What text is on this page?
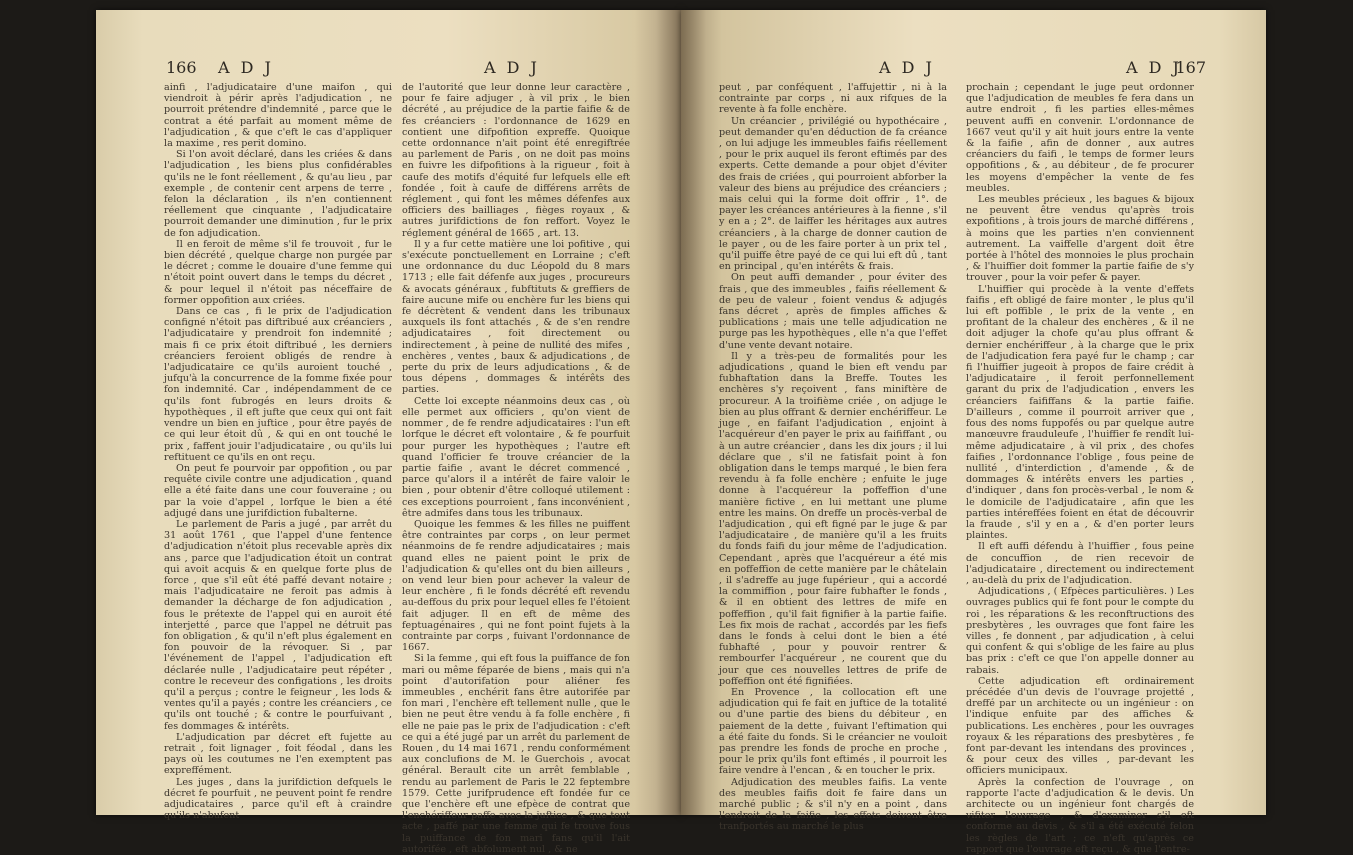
166 A D J	A D J

ainfi , l'adjudicataire d'une maifon , qui viendroit à périr après l'adjudication , ne pourroit prétendre d'indemnité , parce que le contrat a été parfait au moment même de l'adjudication , & que c'eft le cas d'appliquer la maxime , res perit domino.

Si l'on avoit déclaré, dans les criées & dans l'adjudication , les biens plus confidérables qu'ils ne le font réellement , & qu'au lieu , par exemple , de contenir cent arpens de terre , felon la déclaration , ils n'en contiennent réellement que cinquante , l'adjudicataire pourroit demander une diminution , fur le prix de fon adjudication.

Il en feroit de même s'il fe trouvoit , fur le bien décrété , quelque charge non purgée par le décret ; comme le douaire d'une femme qui n'étoit point ouvert dans le temps du décret , & pour lequel il n'étoit pas néceffaire de former oppofition aux criées.

Dans ce cas , fi le prix de l'adjudication configné n'étoit pas diftribué aux créanciers , l'adjudicataire y prendroit fon indemnité ; mais fi ce prix étoit diftribué , les derniers créanciers feroient obligés de rendre à l'adjudicataire ce qu'ils auroient touché , jufqu'à la concurrence de la fomme fixée pour fon indemnité. Car , indépendamment de ce qu'ils font fubrogés en leurs droits & hypothèques , il eft jufte que ceux qui ont fait vendre un bien en juftice , pour être payés de ce qui leur étoit dû , & qui en ont touché le prix , faffent jouir l'adjudicataire , ou qu'ils lui reftituent ce qu'ils en ont reçu.

On peut fe pourvoir par oppofition , ou par requête civile contre une adjudication , quand elle a été faite dans une cour fouveraine ; ou par la voie d'appel , lorfque le bien a été adjugé dans une jurifdiction fubalterne.

Le parlement de Paris a jugé , par arrêt du 31 août 1761 , que l'appel d'une fentence d'adjudication n'étoit plus recevable après dix ans , parce que l'adjudication étoit un contrat qui avoit acquis & en quelque forte plus de force , que s'il eût été paffé devant notaire ; mais l'adjudicataire ne feroit pas admis à demander la décharge de fon adjudication , fous le prétexte de l'appel qui en auroit été interjetté , parce que l'appel ne détruit pas fon obligation , & qu'il n'eft plus également en fon pouvoir de la révoquer. Si , par l'événement de l'appel , l'adjudication eft déclarée nulle , l'adjudicataire peut répéter , contre le receveur des configations , les droits qu'il a perçus ; contre le feigneur , les lods & ventes qu'il a payés ; contre les créanciers , ce qu'ils ont touché ; & contre le pourfuivant , fes dommages & intérêts.

L'adjudication par décret eft fujette au retrait , foit lignager , foit féodal , dans les pays où les coutumes ne l'en exemptent pas expreffément.

Les juges , dans la jurifdiction defquels le décret fe pourfuit , ne peuvent point fe rendre adjudicataires , parce qu'il eft à craindre qu'ils n'abufent

de l'autorité que leur donne leur caractère , pour fe faire adjuger , à vil prix , le bien décrété , au préjudice de la partie faifie & de fes créanciers : l'ordonnance de 1629 en contient une difpofition expreffe. Quoique cette ordonnance n'ait point été enregiftrée au parlement de Paris , on ne doit pas moins en fuivre les difpofitions à la rigueur , foit à caufe des motifs d'équité fur lefquels elle eft fondée , foit à caufe de différens arrêts de réglement , qui font les mêmes défenfes aux officiers des bailliages , fièges royaux , & autres jurifdictions de fon reffort. Voyez le réglement général de 1665 , art. 13.

Il y a fur cette matière une loi pofitive , qui s'exécute ponctuellement en Lorraine ; c'eft une ordonnance du duc Léopold du 8 mars 1713 ; elle fait défenfe aux juges , procureurs & avocats généraux , fubftituts & greffiers de faire aucune mife ou enchère fur les biens qui fe décrètent & vendent dans les tribunaux auxquels ils font attachés , & de s'en rendre adjudicataires , foit directement ou indirectement , à peine de nullité des mifes , enchères , ventes , baux & adjudications , de perte du prix de leurs adjudications , & de tous dépens , dommages & intérêts des parties.

Cette loi excepte néanmoins deux cas , où elle permet aux officiers , qu'on vient de nommer , de fe rendre adjudicataires : l'un eft lorfque le décret eft volontaire , & fe pourfuit pour purger les hypothèques ; l'autre eft quand l'officier fe trouve créancier de la partie faifie , avant le décret commencé , parce qu'alors il a intérêt de faire valoir le bien , pour obtenir d'être colloqué utilement : ces exceptions pourroient , fans inconvénient , être admifes dans tous les tribunaux.

Quoique les femmes & les filles ne puiffent être contraintes par corps , on leur permet néanmoins de fe rendre adjudicataires ; mais quand elles ne paient point le prix de l'adjudication & qu'elles ont du bien ailleurs , on vend leur bien pour achever la valeur de leur enchère , fi le fonds décrété eft revendu au-deffous du prix pour lequel elles fe l'étoient fait adjuger. Il en eft de même des feptuagénaires , qui ne font point fujets à la contrainte par corps , fuivant l'ordonnance de 1667.

Si la femme , qui eft fous la puiffance de fon mari ou même féparée de biens , mais qui n'a point d'autorifation pour aliéner fes immeubles , enchérit fans être autorifée par fon mari , l'enchère eft tellement nulle , que le bien ne peut être vendu à fa folle enchère , fi elle ne paie pas le prix de l'adjudication : c'eft ce qui a été jugé par un arrêt du parlement de Rouen , du 14 mai 1671 , rendu conformément aux conclufions de M. le Guerchois , avocat général. Berault cite un arrêt femblable , rendu au parlement de Paris le 22 feptembre 1579. Cette jurifprudence eft fondée fur ce que l'enchère eft une efpèce de contrat que l'enchériffeur paffe avec la juftice , & que tout acte , paffé par une femme qui fe trouve fous la puiffance de fon mari fans qu'il l'ait autorifée , eft abfolument nul , & ne

A D J	A D J
167

peut , par conféquent , l'affujettir , ni à la contrainte par corps , ni aux rifques de la revente à fa folle enchère.

Un créancier , privilégié ou hypothécaire , peut demander qu'en déduction de fa créance , on lui adjuge les immeubles faifis réellement , pour le prix auquel ils feront eftimés par des experts. Cette demande a pour objet d'éviter des frais de criées , qui pourroient abforber la valeur des biens au préjudice des créanciers ; mais celui qui la forme doit offrir , 1°. de payer les créances antérieures à la fienne , s'il y en a ; 2°. de laiffer les héritages aux autres créanciers , à la charge de donner caution de le payer , ou de les faire porter à un prix tel , qu'il puiffe être payé de ce qui lui eft dû , tant en principal , qu'en intérêts & frais.

On peut auffi demander , pour éviter des frais , que des immeubles , faifis réellement & de peu de valeur , foient vendus & adjugés fans décret , après de fimples affiches & publications ; mais une telle adjudication ne purge pas les hypothèques , elle n'a que l'effet d'une vente devant notaire.

Il y a très-peu de formalités pour les adjudications , quand le bien eft vendu par fubhaftation dans la Breffe. Toutes les enchères s'y reçoivent , fans miniftère de procureur. A la troifième criée , on adjuge le bien au plus offrant & dernier enchériffeur. Le juge , en faifant l'adjudication , enjoint à l'acquéreur d'en payer le prix au faififfant , ou à un autre créancier , dans les dix jours ; il lui déclare que , s'il ne fatisfait point à fon obligation dans le temps marqué , le bien fera revendu à fa folle enchère ; enfuite le juge donne à l'acquéreur la poffeffion d'une manière fictive , en lui mettant une plume entre les mains. On dreffe un procès-verbal de l'adjudication , qui eft figné par le juge & par l'adjudicataire , de manière qu'il a les fruits du fonds faifi du jour même de l'adjudication. Cependant , après que l'acquéreur a été mis en poffeffion de cette manière par le châtelain , il s'adreffe au juge fupérieur , qui a accordé la commiffion , pour faire fubhafter le fonds , & il en obtient des lettres de mife en poffeffion , qu'il fait fignifier à la partie faifie. Les fix mois de rachat , accordés par les fiefs dans le fonds à celui dont le bien a été fubhafté , pour y pouvoir rentrer & rembourfer l'acquéreur , ne courent que du jour que ces nouvelles lettres de prife de poffeffion ont été fignifiées.

En Provence , la collocation eft une adjudication qui fe fait en juftice de la totalité ou d'une partie des biens du débiteur , en paiement de la dette , fuivant l'eftimation qui a été faite du fonds. Si le créancier ne vouloit pas prendre les fonds de proche en proche , pour le prix qu'ils font eftimés , il pourroit les faire vendre à l'encan , & en toucher le prix.

Adjudication des meubles faifis. La vente des meubles faifis doit fe faire dans un marché public ; & s'il n'y en a point , dans l'endroit de la faifie , les effets doivent être tranfportés au marché le plus

prochain ; cependant le juge peut ordonner que l'adjudication de meubles fe fera dans un autre endroit , fi les parties elles-mêmes peuvent auffi en convenir. L'ordonnance de 1667 veut qu'il y ait huit jours entre la vente & la faifie , afin de donner , aux autres créanciers du faifi , le temps de former leurs oppofitions , & , au débiteur , de fe procurer les moyens d'empêcher la vente de fes meubles.

Les meubles précieux , les bagues & bijoux ne peuvent être vendus qu'après trois expofitions , à trois jours de marché différens , à moins que les parties n'en conviennent autrement. La vaiffelle d'argent doit être portée à l'hôtel des monnoies le plus prochain , & l'huiffier doit fommer la partie faifie de s'y trouver , pour la voir pefer & payer.

L'huiffier qui procède à la vente d'effets faifis , eft obligé de faire monter , le plus qu'il lui eft poffible , le prix de la vente , en profitant de la chaleur des enchères , & il ne doit adjuger la chofe qu'au plus offrant & dernier enchériffeur , à la charge que le prix de l'adjudication fera payé fur le champ ; car fi l'huiffier jugeoit à propos de faire crédit à l'adjudicataire , il feroit perfonnellement garant du prix de l'adjudication , envers les créanciers faififfans & la partie faifie. D'ailleurs , comme il pourroit arriver que , fous des noms fuppofés ou par quelque autre manœuvre frauduleufe , l'huiffier fe rendît lui-même adjudicataire , à vil prix , des chofes faifies , l'ordonnance l'oblige , fous peine de nullité , d'interdiction , d'amende , & de dommages & intérêts envers les parties , d'indiquer , dans fon procès-verbal , le nom & le domicile de l'adjudicataire , afin que les parties intéreffées foient en état de découvrir la fraude , s'il y en a , & d'en porter leurs plaintes.

Il eft auffi défendu à l'huiffier , fous peine de concuffion , de rien recevoir de l'adjudicataire , directement ou indirectement , au-delà du prix de l'adjudication.

Adjudications , ( Efpèces particulières. ) Les ouvrages publics qui fe font pour le compte du roi , les réparations & les reconftructions des presbytères , les ouvrages que font faire les villes , fe donnent , par adjudication , à celui qui confent & qui s'oblige de les faire au plus bas prix : c'eft ce que l'on appelle donner au rabais.

Cette adjudication eft ordinairement précédée d'un devis de l'ouvrage projetté , dreffé par un architecte ou un ingénieur : on l'indique enfuite par des affiches & publications. Les enchères , pour les ouvrages royaux & les réparations des presbytères , fe font par-devant les intendans des provinces , & pour ceux des villes , par-devant les officiers municipaux.

Après la confection de l'ouvrage , on rapporte l'acte d'adjudication & le devis. Un architecte ou un ingénieur font chargés de vifiter l'ouvrage , & d'examiner s'il eft conforme au devis , & s'il a été exécuté felon les règles de l'art ; ce n'eft qu'après ce rapport que l'ouvrage eft reçu , & que l'entre-
